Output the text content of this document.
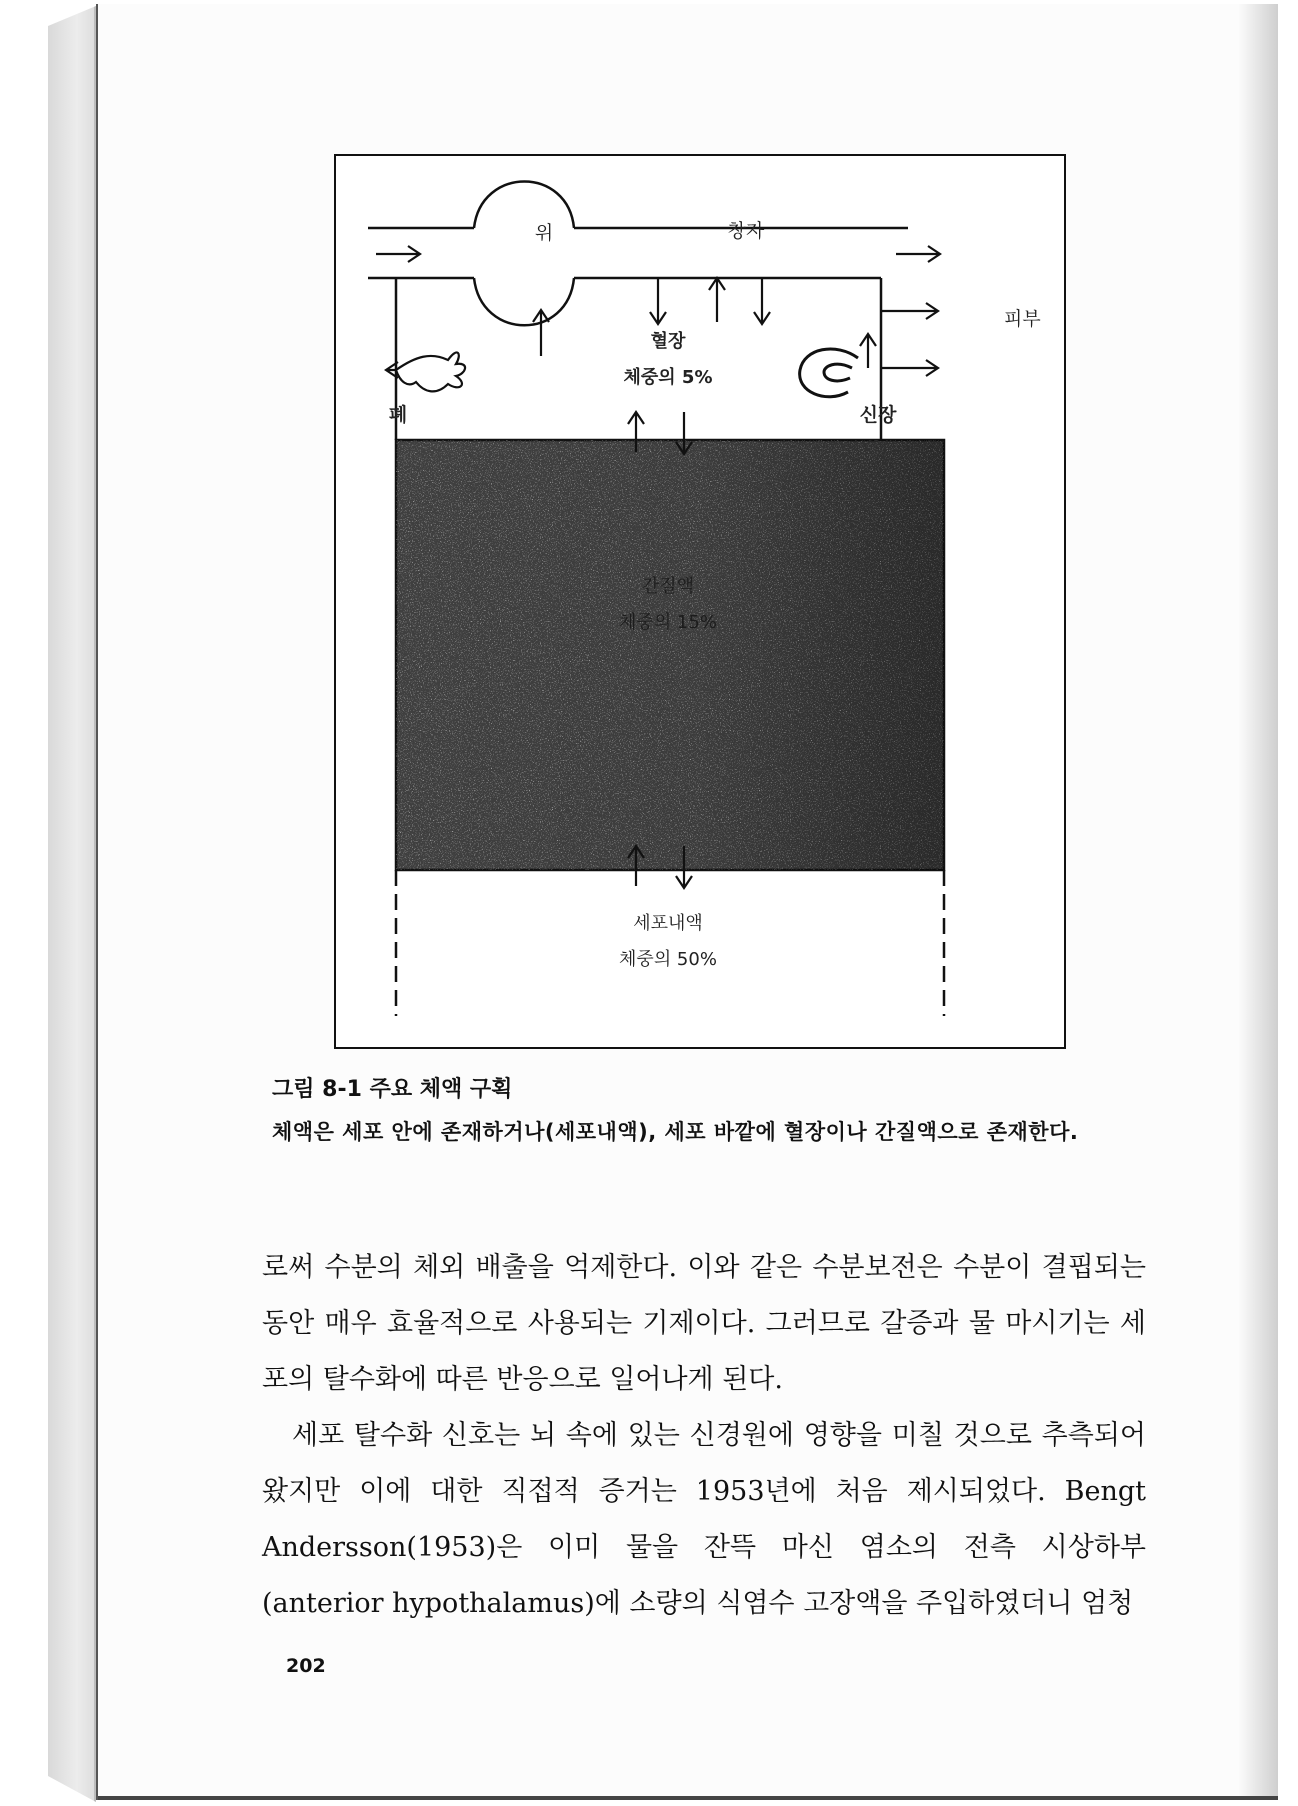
위	창자
피부
폐	신장
혈장
체중의 5%
간질액
체중의 15%
세포내액
체중의 50%

그림 8-1 주요 체액 구획

체액은 세포 안에 존재하거나(세포내액), 세포 바깥에 혈장이나 간질액으로 존재한다.

로써 수분의 체외 배출을 억제한다. 이와 같은 수분보전은 수분이 결핍되는 동안 매우 효율적으로 사용되는 기제이다. 그러므로 갈증과 물 마시기는 세포의 탈수화에 따른 반응으로 일어나게 된다.

세포 탈수화 신호는 뇌 속에 있는 신경원에 영향을 미칠 것으로 추측되어 왔지만 이에 대한 직접적 증거는 1953년에 처음 제시되었다. Bengt Andersson(1953)은 이미 물을 잔뜩 마신 염소의 전측 시상하부(anterior hypothalamus)에 소량의 식염수 고장액을 주입하였더니 엄청

202
